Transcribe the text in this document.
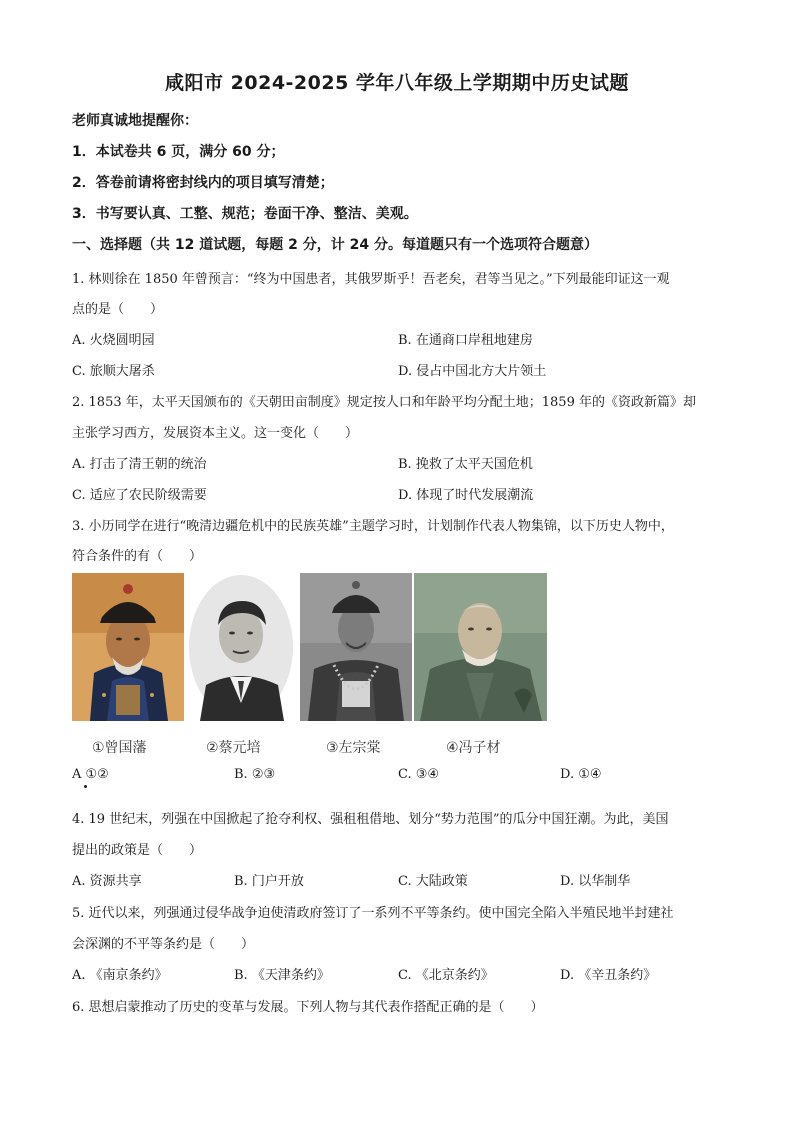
咸阳市 2024-2025 学年八年级上学期期中历史试题
老师真诚地提醒你：
1．本试卷共 6 页，满分 60 分；
2．答卷前请将密封线内的项目填写清楚；
3．书写要认真、工整、规范；卷面干净、整洁、美观。
一、选择题（共 12 道试题，每题 2 分，计 24 分。每道题只有一个选项符合题意）
1. 林则徐在 1850 年曾预言：“终为中国患者，其俄罗斯乎！吾老矣，君等当见之。”下列最能印证这一观
点的是（　　）
A. 火烧圆明园	B. 在通商口岸租地建房
C. 旅顺大屠杀	D. 侵占中国北方大片领土
2. 1853 年，太平天国颁布的《天朝田亩制度》规定按人口和年龄平均分配土地；1859 年的《资政新篇》却
主张学习西方，发展资本主义。这一变化（　　）
A. 打击了清王朝的统治	B. 挽救了太平天国危机
C. 适应了农民阶级需要	D. 体现了时代发展潮流
3. 小历同学在进行“晚清边疆危机中的民族英雄”主题学习时，计划制作代表人物集锦，以下历史人物中，
符合条件的有（　　）
①曾国藩	②蔡元培	③左宗棠	④冯子材
A ①②	B. ②③	C. ③④	D. ①④
4. 19 世纪末，列强在中国掀起了抢夺利权、强租租借地、划分“势力范围”的瓜分中国狂潮。为此，美国
提出的政策是（　　）
A. 资源共享	B. 门户开放	C. 大陆政策	D. 以华制华
5. 近代以来，列强通过侵华战争迫使清政府签订了一系列不平等条约。使中国完全陷入半殖民地半封建社
会深渊的不平等条约是（　　）
A. 《南京条约》	B. 《天津条约》	C. 《北京条约》	D. 《辛丑条约》
6. 思想启蒙推动了历史的变革与发展。下列人物与其代表作搭配正确的是（　　）
